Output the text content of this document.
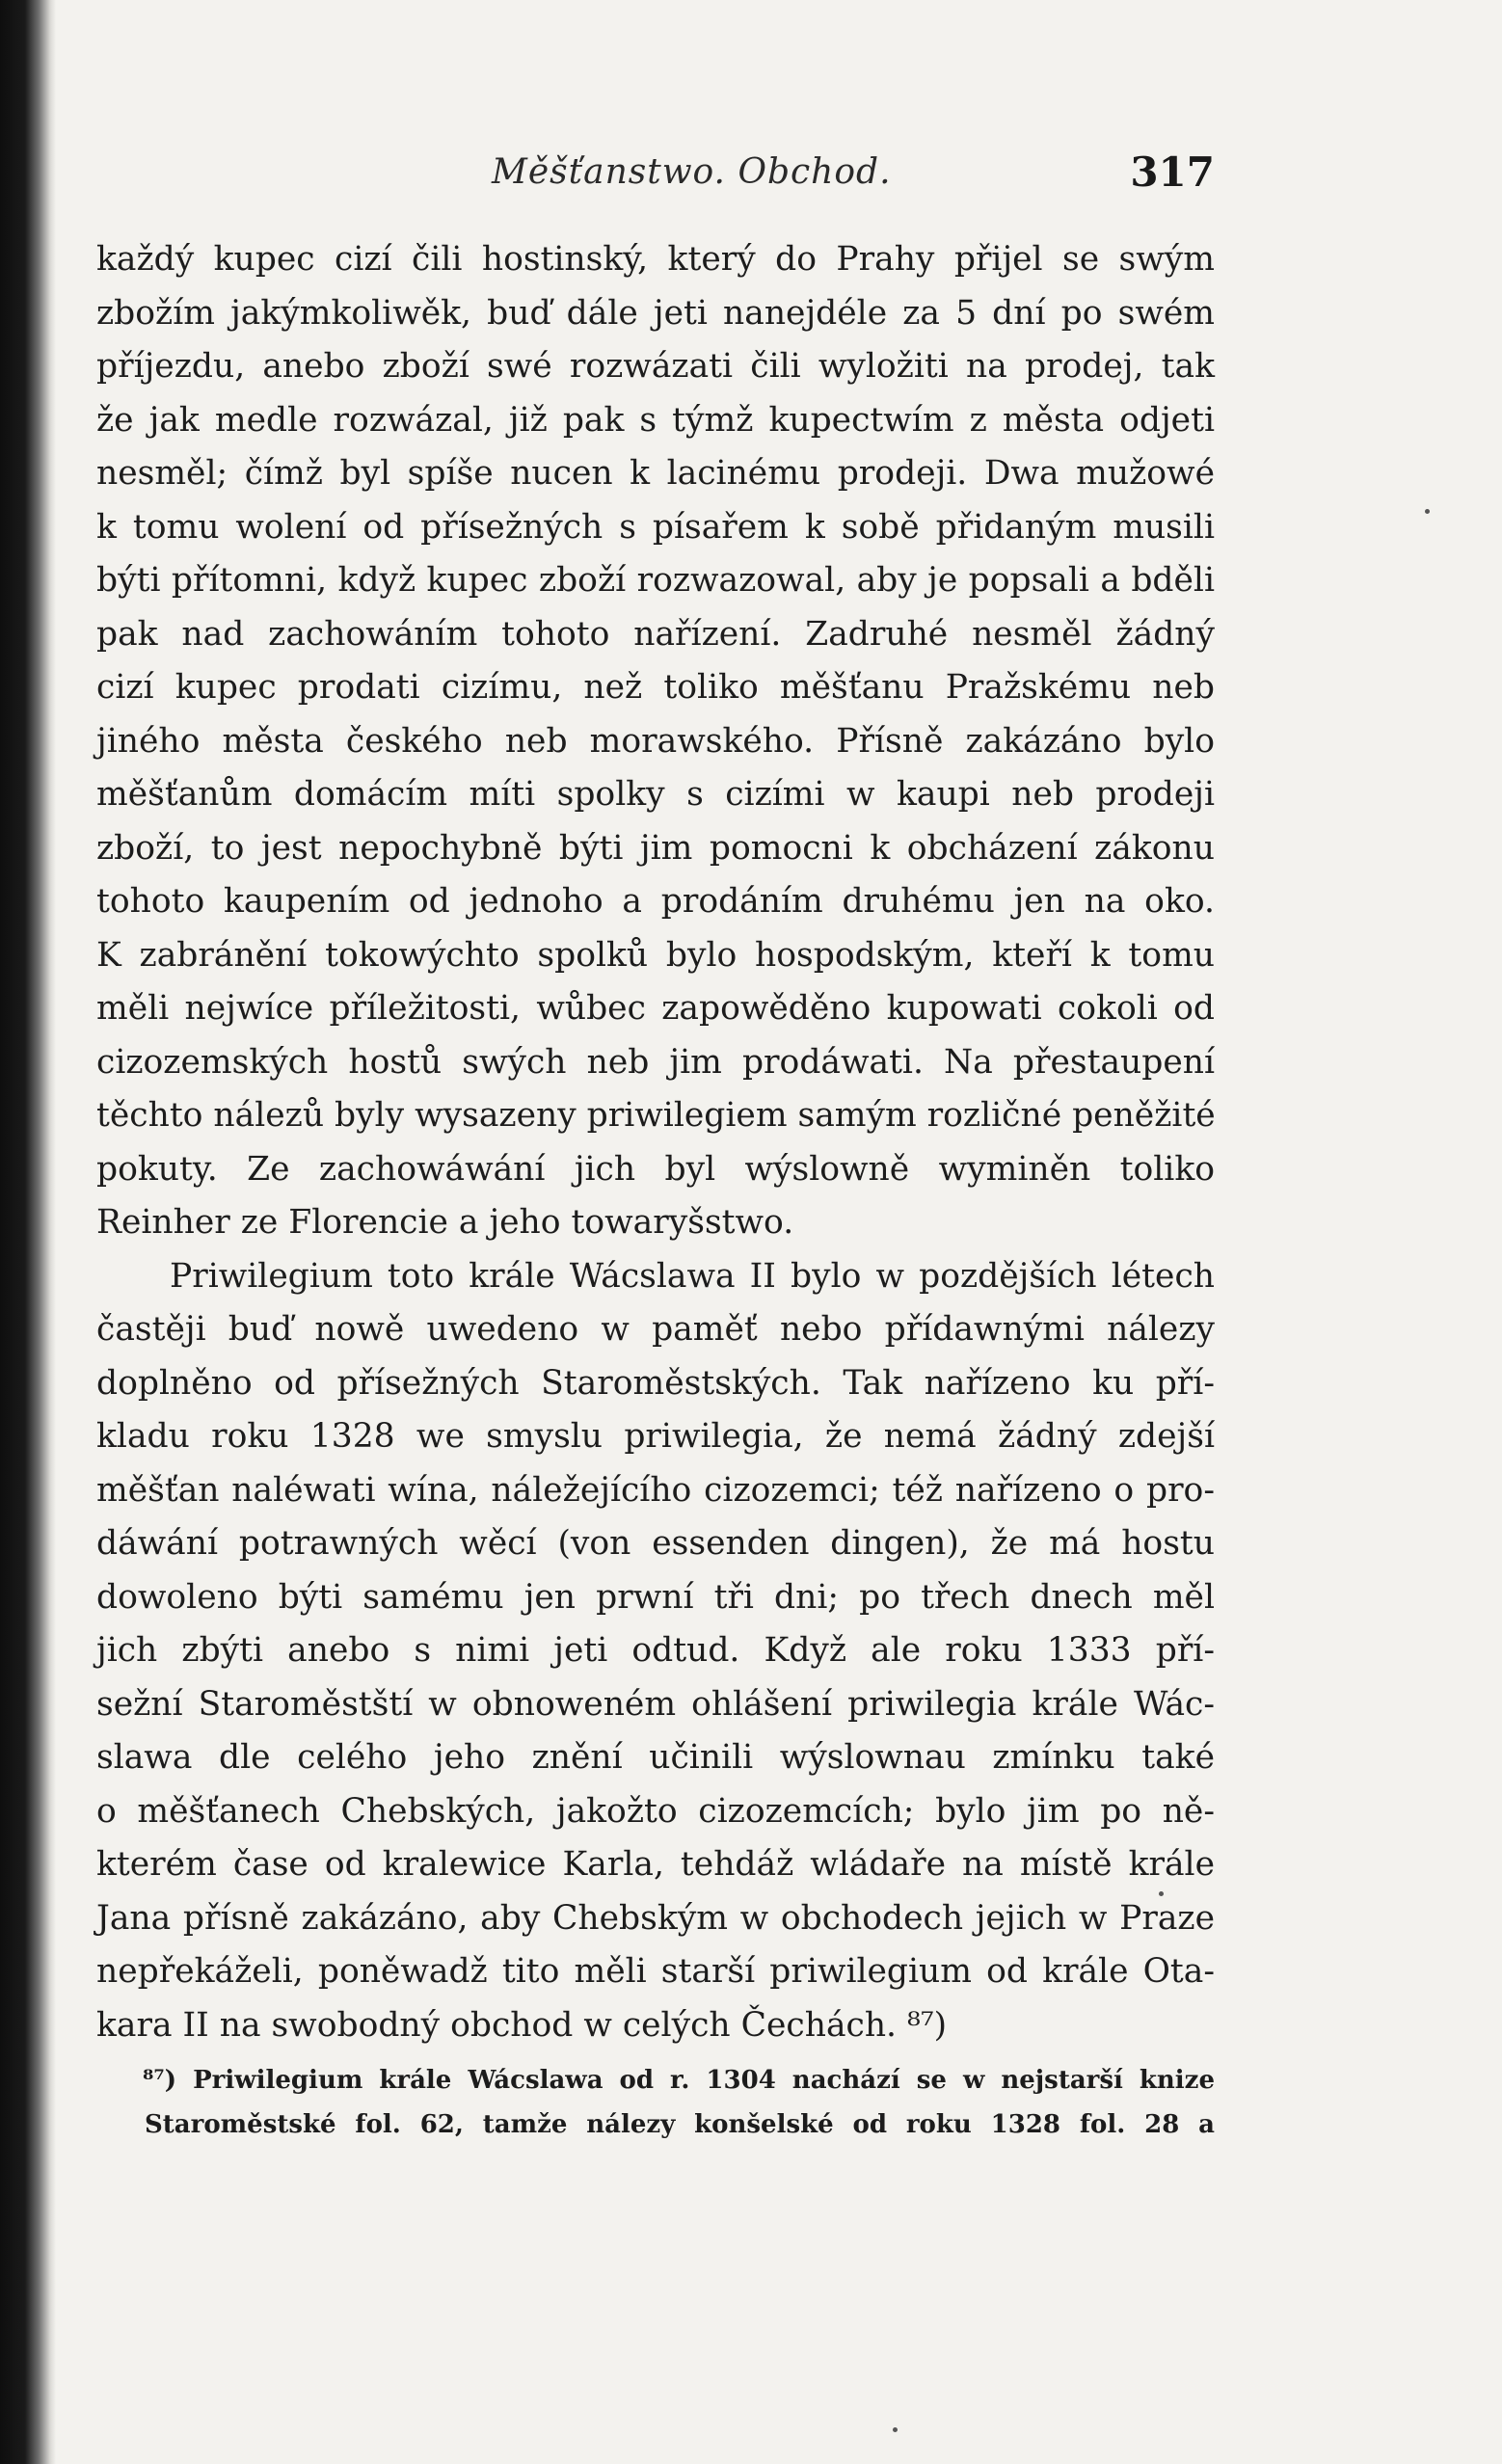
Měšťanstwo. Obchod.	317

každý kupec cizí čili hostinský, který do Prahy přijel se swým

zbožím jakýmkoliwěk, buď dále jeti nanejdéle za 5 dní po swém

příjezdu, anebo zboží swé rozwázati čili wyložiti na prodej, tak

že jak medle rozwázal, již pak s týmž kupectwím z města odjeti

nesměl; čímž byl spíše nucen k lacinému prodeji. Dwa mužowé

k tomu wolení od přísežných s písařem k sobě přidaným musili

býti přítomni, když kupec zboží rozwazowal, aby je popsali a bděli

pak nad zachowáním tohoto nařízení. Zadruhé nesměl žádný

cizí kupec prodati cizímu, než toliko měšťanu Pražskému neb

jiného města českého neb morawského. Přísně zakázáno bylo

měšťanům domácím míti spolky s cizími w kaupi neb prodeji

zboží, to jest nepochybně býti jim pomocni k obcházení zákonu

tohoto kaupením od jednoho a prodáním druhému jen na oko.

K zabránění tokowýchto spolků bylo hospodským, kteří k tomu

měli nejwíce příležitosti, wůbec zapowěděno kupowati cokoli od

cizozemských hostů swých neb jim prodáwati. Na přestaupení

těchto nálezů byly wysazeny priwilegiem samým rozličné peněžité

pokuty. Ze zachowáwání jich byl wýslowně wyminěn toliko

Reinher ze Florencie a jeho towaryšstwo.

Priwilegium toto krále Wácslawa II bylo w pozdějších létech

častěji buď nowě uwedeno w paměť nebo přídawnými nálezy

doplněno od přísežných Staroměstských. Tak nařízeno ku pří-

kladu roku 1328 we smyslu priwilegia, že nemá žádný zdejší

měšťan naléwati wína, náležejícího cizozemci; též nařízeno o pro-

dáwání potrawných wěcí (von essenden dingen), že má hostu

dowoleno býti samému jen prwní tři dni; po třech dnech měl

jich zbýti anebo s nimi jeti odtud. Když ale roku 1333 pří-

sežní Staroměstští w obnoweném ohlášení priwilegia krále Wác-

slawa dle celého jeho znění učinili wýslownau zmínku také

o měšťanech Chebských, jakožto cizozemcích; bylo jim po ně-

kterém čase od kralewice Karla, tehdáž wládaře na místě krále

Jana přísně zakázáno, aby Chebským w obchodech jejich w Praze

nepřekáželi, poněwadž tito měli starší priwilegium od krále Ota-

kara II na swobodný obchod w celých Čechách. ⁸⁷)

⁸⁷) Priwilegium krále Wácslawa od r. 1304 nachází se w nejstarší knize

Staroměstské fol. 62, tamže nálezy konšelské od roku 1328 fol. 28 a
